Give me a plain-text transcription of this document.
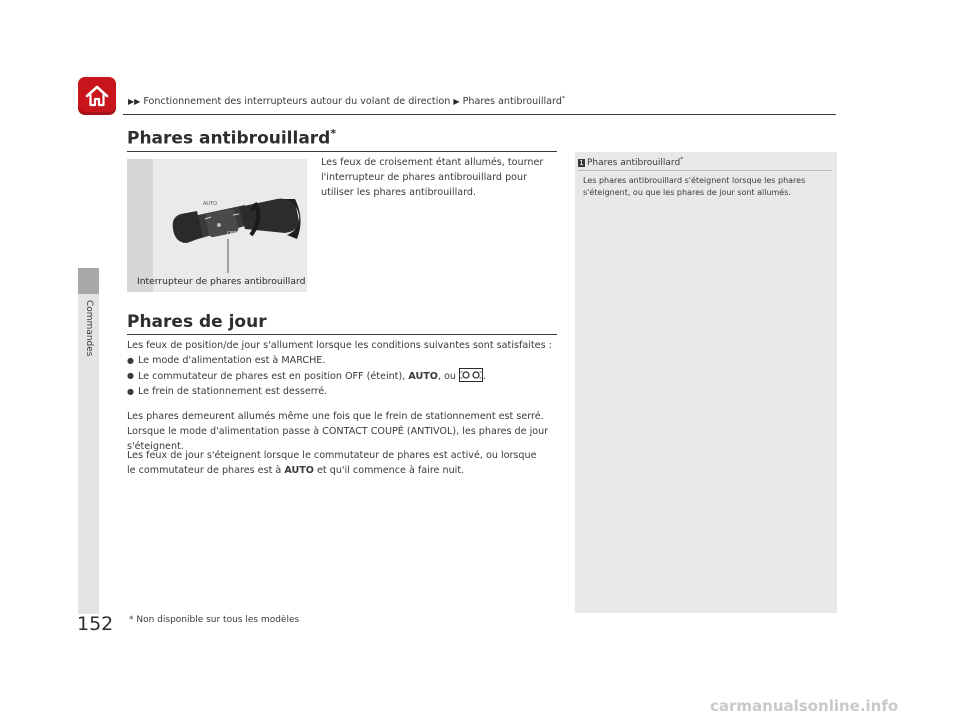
▶▶ Fonctionnement des interrupteurs autour du volant de direction ▶ Phares antibrouillard*
Commandes
Phares antibrouillard*
AUTO
OFF
Interrupteur de phares antibrouillard
Les feux de croisement étant allumés, tourner l'interrupteur de phares antibrouillard pour utiliser les phares antibrouillard.
Phares de jour
Les feux de position/de jour s'allument lorsque les conditions suivantes sont satisfaites :
● Le mode d'alimentation est à MARCHE.
● Le commutateur de phares est en position OFF (éteint), AUTO, ou	.
● Le frein de stationnement est desserré.
Les phares demeurent allumés même une fois que le frein de stationnement est serré. Lorsque le mode d'alimentation passe à CONTACT COUPÉ (ANTIVOL), les phares de jour s'éteignent.
Les feux de jour s'éteignent lorsque le commutateur de phares est activé, ou lorsque le commutateur de phares est à AUTO et qu'il commence à faire nuit.
1 Phares antibrouillard*
Les phares antibrouillard s'éteignent lorsque les phares s'éteignent, ou que les phares de jour sont allumés.
152 * Non disponible sur tous les modèles
carmanualsonline.info
